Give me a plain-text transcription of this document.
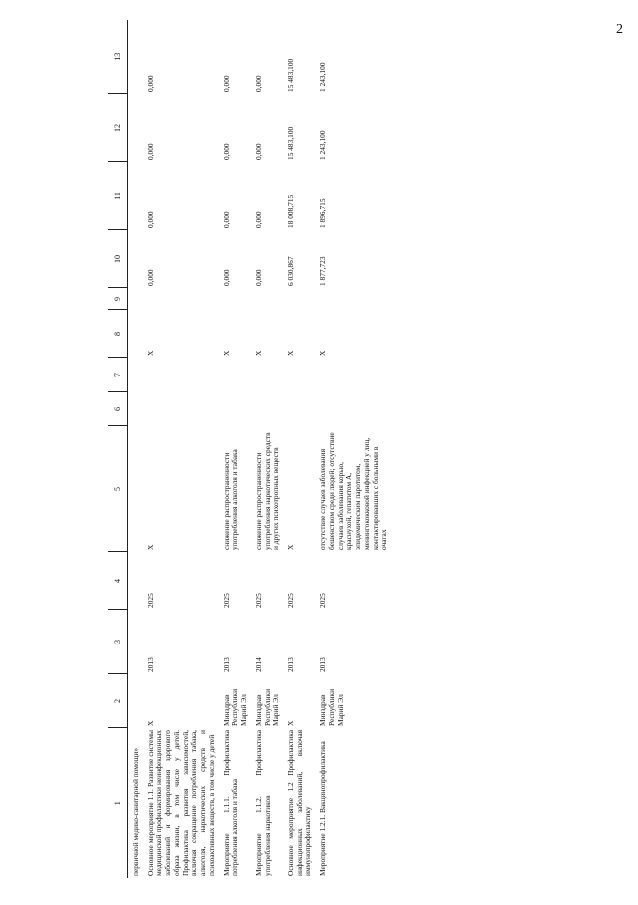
2
1	2	3	4	5	6	7	8	9	10	11	12	13
первичной медико-санитарной помощи»												
Основное мероприятие 1.1. Развитие системы медицинской профилактики неинфекционных заболеваний и формирования здорового образа жизни, в том числе у детей. Профилактика развития зависимостей, включая сокращение потребления табака, алкоголя, наркотических средств и психоактивных веществ, в том числе у детей	Х	2013	2025	Х			Х		0,000	0,000	0,000	0,000
Мероприятие 1.1.1. Профилактика потребления алкоголя и табака	Минздрав Республики Марий Эл	2013	2025	снижение распространенности употребления алкоголя и табака			Х		0,000	0,000	0,000	0,000
Мероприятие 1.1.2. Профилактика употребления наркотиков	Минздрав Республики Марий Эл	2014	2025	снижение распространенности употребления наркотических средств и других психотропных веществ			Х		0,000	0,000	0,000	0,000
Основное мероприятие 1.2 Профилактика инфекционных заболеваний, включая иммунопрофилактику	Х	2013	2025	Х			Х		6 030,867	18 008,715	15 483,100	15 483,100
Мероприятие 1.2.1. Вакцинопрофилактика	Минздрав Республики Марий Эл	2013	2025	отсутствие случаев заболевания бешенством среди людей; отсутствие случаев заболевания корью, краснухой, гепатитом А, эпидемическим паротитом, менингококковой инфекцией у лиц, контактировавших с больными в очагах			Х		1 877,723	1 896,715	1 243,100	1 243,100
